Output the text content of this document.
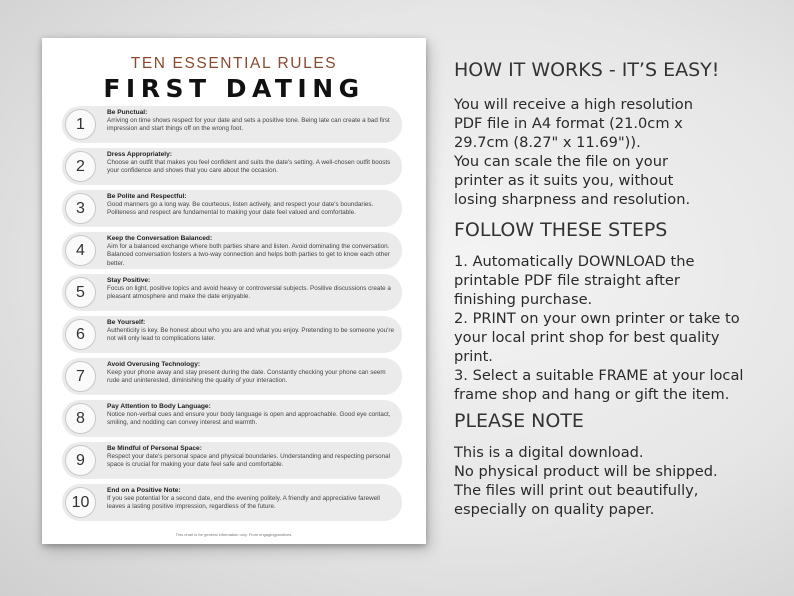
TEN ESSENTIAL RULES
FIRST DATING
1
Be Punctual:
Arriving on time shows respect for your date and sets a positive tone. Being late can create a bad first impression and start things off on the wrong foot.
2
Dress Appropriately:
Choose an outfit that makes you feel confident and suits the date's setting. A well-chosen outfit boosts your confidence and shows that you care about the occasion.
3
Be Polite and Respectful:
Good manners go a long way. Be courteous, listen actively, and respect your date's boundaries. Politeness and respect are fundamental to making your date feel valued and comfortable.
4
Keep the Conversation Balanced:
Aim for a balanced exchange where both parties share and listen. Avoid dominating the conversation. Balanced conversation fosters a two-way connection and helps both parties to get to know each other better.
5
Stay Positive:
Focus on light, positive topics and avoid heavy or controversial subjects. Positive discussions create a pleasant atmosphere and make the date enjoyable.
6
Be Yourself:
Authenticity is key. Be honest about who you are and what you enjoy. Pretending to be someone you're not will only lead to complications later.
7
Avoid Overusing Technology:
Keep your phone away and stay present during the date. Constantly checking your phone can seem rude and uninterested, diminishing the quality of your interaction.
8
Pay Attention to Body Language:
Notice non-verbal cues and ensure your body language is open and approachable. Good eye contact, smiling, and nodding can convey interest and warmth.
9
Be Mindful of Personal Space:
Respect your date's personal space and physical boundaries. Understanding and respecting personal space is crucial for making your date feel safe and comfortable.
10
End on a Positive Note:
If you see potential for a second date, end the evening politely. A friendly and appreciative farewell leaves a lasting positive impression, regardless of the future.
This chart is for general information only. From engagingpositives.
HOW IT WORKS - IT’S EASY!
You will receive a high resolution
PDF file in A4 format (21.0cm x
29.7cm (8.27" x 11.69")).
You can scale the file on your
printer as it suits you, without
losing sharpness and resolution.
FOLLOW THESE STEPS
1. Automatically DOWNLOAD the
printable PDF file straight after
finishing purchase.
2. PRINT on your own printer or take to
your local print shop for best quality
print.
3. Select a suitable FRAME at your local
frame shop and hang or gift the item.
PLEASE NOTE
This is a digital download.
No physical product will be shipped.
The files will print out beautifully,
especially on quality paper.
